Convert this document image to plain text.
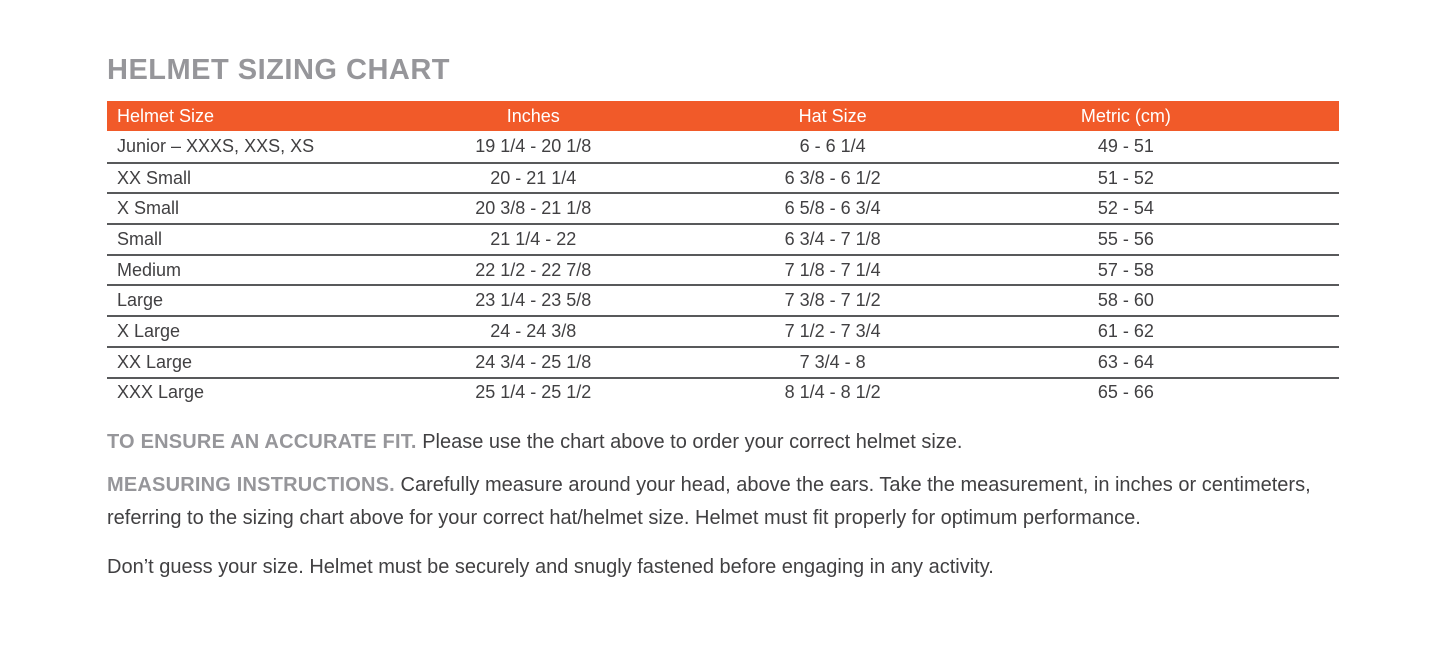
HELMET SIZING CHART
Helmet Size	Inches	Hat Size	Metric (cm)
Junior – XXXS, XXS, XS	19 1/4 - 20 1/8	6 - 6 1/4	49 - 51
XX Small	20 - 21 1/4	6 3/8 - 6 1/2	51 - 52
X Small	20 3/8 - 21 1/8	6 5/8 - 6 3/4	52 - 54
Small	21 1/4 - 22	6 3/4 - 7 1/8	55 - 56
Medium	22 1/2 - 22 7/8	7 1/8 - 7 1/4	57 - 58
Large	23 1/4 - 23 5/8	7 3/8 - 7 1/2	58 - 60
X Large	24 - 24 3/8	7 1/2 - 7 3/4	61 - 62
XX Large	24 3/4 - 25 1/8	7 3/4 - 8	63 - 64
XXX Large	25 1/4 - 25 1/2	8 1/4 - 8 1/2	65 - 66

TO ENSURE AN ACCURATE FIT. Please use the chart above to order your correct helmet size.

MEASURING INSTRUCTIONS. Carefully measure around your head, above the ears. Take the measurement, in inches or centimeters, referring to the sizing chart above for your correct hat/helmet size. Helmet must fit properly for optimum performance.

Don’t guess your size. Helmet must be securely and snugly fastened before engaging in any activity.
